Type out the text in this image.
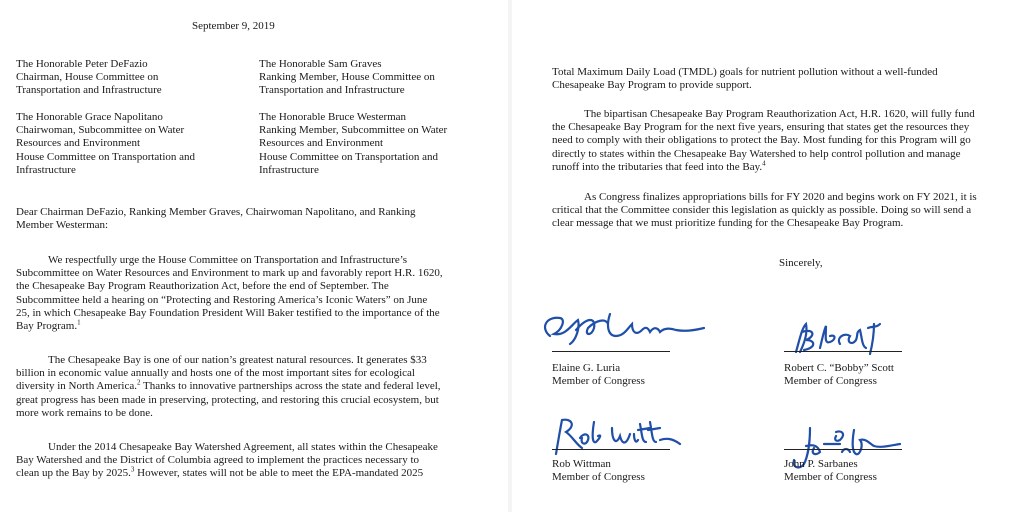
September 9, 2019
The Honorable Peter DeFazio
Chairman, House Committee on
Transportation and Infrastructure
The Honorable Sam Graves
Ranking Member, House Committee on
Transportation and Infrastructure
The Honorable Grace Napolitano
Chairwoman, Subcommittee on Water
Resources and Environment
House Committee on Transportation and
Infrastructure
The Honorable Bruce Westerman
Ranking Member, Subcommittee on Water
Resources and Environment
House Committee on Transportation and
Infrastructure
Dear Chairman DeFazio, Ranking Member Graves, Chairwoman Napolitano, and Ranking
Member Westerman:
We respectfully urge the House Committee on Transportation and Infrastructure’s
Subcommittee on Water Resources and Environment to mark up and favorably report H.R. 1620,
the Chesapeake Bay Program Reauthorization Act, before the end of September. The
Subcommittee held a hearing on “Protecting and Restoring America’s Iconic Waters” on June
25, in which Chesapeake Bay Foundation President Will Baker testified to the importance of the
Bay Program.$^1$
The Chesapeake Bay is one of our nation’s greatest natural resources. It generates $33
billion in economic value annually and hosts one of the most important sites for ecological
diversity in North America.$^2$ Thanks to innovative partnerships across the state and federal level,
great progress has been made in preserving, protecting, and restoring this crucial ecosystem, but
more work remains to be done.
Under the 2014 Chesapeake Bay Watershed Agreement, all states within the Chesapeake
Bay Watershed and the District of Columbia agreed to implement the practices necessary to
clean up the Bay by 2025.$^3$ However, states will not be able to meet the EPA-mandated 2025
Total Maximum Daily Load (TMDL) goals for nutrient pollution without a well-funded
Chesapeake Bay Program to provide support.
The bipartisan Chesapeake Bay Program Reauthorization Act, H.R. 1620, will fully fund
the Chesapeake Bay Program for the next five years, ensuring that states get the resources they
need to comply with their obligations to protect the Bay. Most funding for this Program will go
directly to states within the Chesapeake Bay Watershed to help control pollution and manage
runoff into the tributaries that feed into the Bay.$^4$
As Congress finalizes appropriations bills for FY 2020 and begins work on FY 2021, it is
critical that the Committee consider this legislation as quickly as possible. Doing so will send a
clear message that we must prioritize funding for the Chesapeake Bay Program.
Sincerely,
Elaine G. Luria
Member of Congress
Robert C. “Bobby” Scott
Member of Congress
Rob Wittman
Member of Congress
John P. Sarbanes
Member of Congress
